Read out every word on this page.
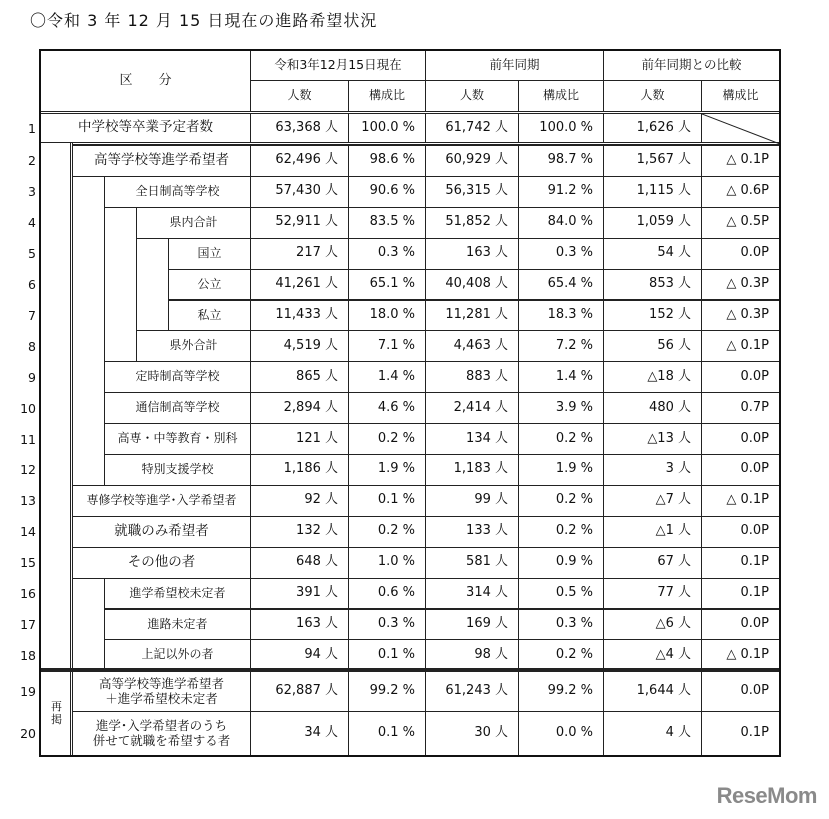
〇令和 3 年 12 月 15 日現在の進路希望状況
区　　分
令和3年12月15日現在	前年同期	前年同期との比較
人数	構成比	人数	構成比	人数	構成比
1	中学校等卒業予定者数	63,368 人	100.0 %	61,742 人	100.0 %	1,626 人
2	高等学校等進学希望者	62,496 人	98.6 %	60,929 人	98.7 %	1,567 人	△ 0.1P
3	全日制高等学校	57,430 人	90.6 %	56,315 人	91.2 %	1,115 人	△ 0.6P
4	県内合計	52,911 人	83.5 %	51,852 人	84.0 %	1,059 人	△ 0.5P
5	国立	217 人	0.3 %	163 人	0.3 %	54 人	0.0P
6	公立	41,261 人	65.1 %	40,408 人	65.4 %	853 人	△ 0.3P
7	私立	11,433 人	18.0 %	11,281 人	18.3 %	152 人	△ 0.3P
8	県外合計	4,519 人	7.1 %	4,463 人	7.2 %	56 人	△ 0.1P
9	定時制高等学校	865 人	1.4 %	883 人	1.4 %	△18 人	0.0P
10	通信制高等学校	2,894 人	4.6 %	2,414 人	3.9 %	480 人	0.7P
11	高専・中等教育・別科	121 人	0.2 %	134 人	0.2 %	△13 人	0.0P
12	特別支援学校	1,186 人	1.9 %	1,183 人	1.9 %	3 人	0.0P
13	専修学校等進学･入学希望者	92 人	0.1 %	99 人	0.2 %	△7 人	△ 0.1P
14	就職のみ希望者	132 人	0.2 %	133 人	0.2 %	△1 人	0.0P
15	その他の者	648 人	1.0 %	581 人	0.9 %	67 人	0.1P
16	進学希望校未定者	391 人	0.6 %	314 人	0.5 %	77 人	0.1P
17	進路未定者	163 人	0.3 %	169 人	0.3 %	△6 人	0.0P
18	上記以外の者	94 人	0.1 %	98 人	0.2 %	△4 人	△ 0.1P
19
高等学校等進学希望者
＋進学希望校未定者	62,887 人	99.2 %	61,243 人	99.2 %	1,644 人	0.0P
20
進学･入学希望者のうち
併せて就職を希望する者	34 人	0.1 %	30 人	0.0 %	4 人	0.1P
再
掲
ReseMom
